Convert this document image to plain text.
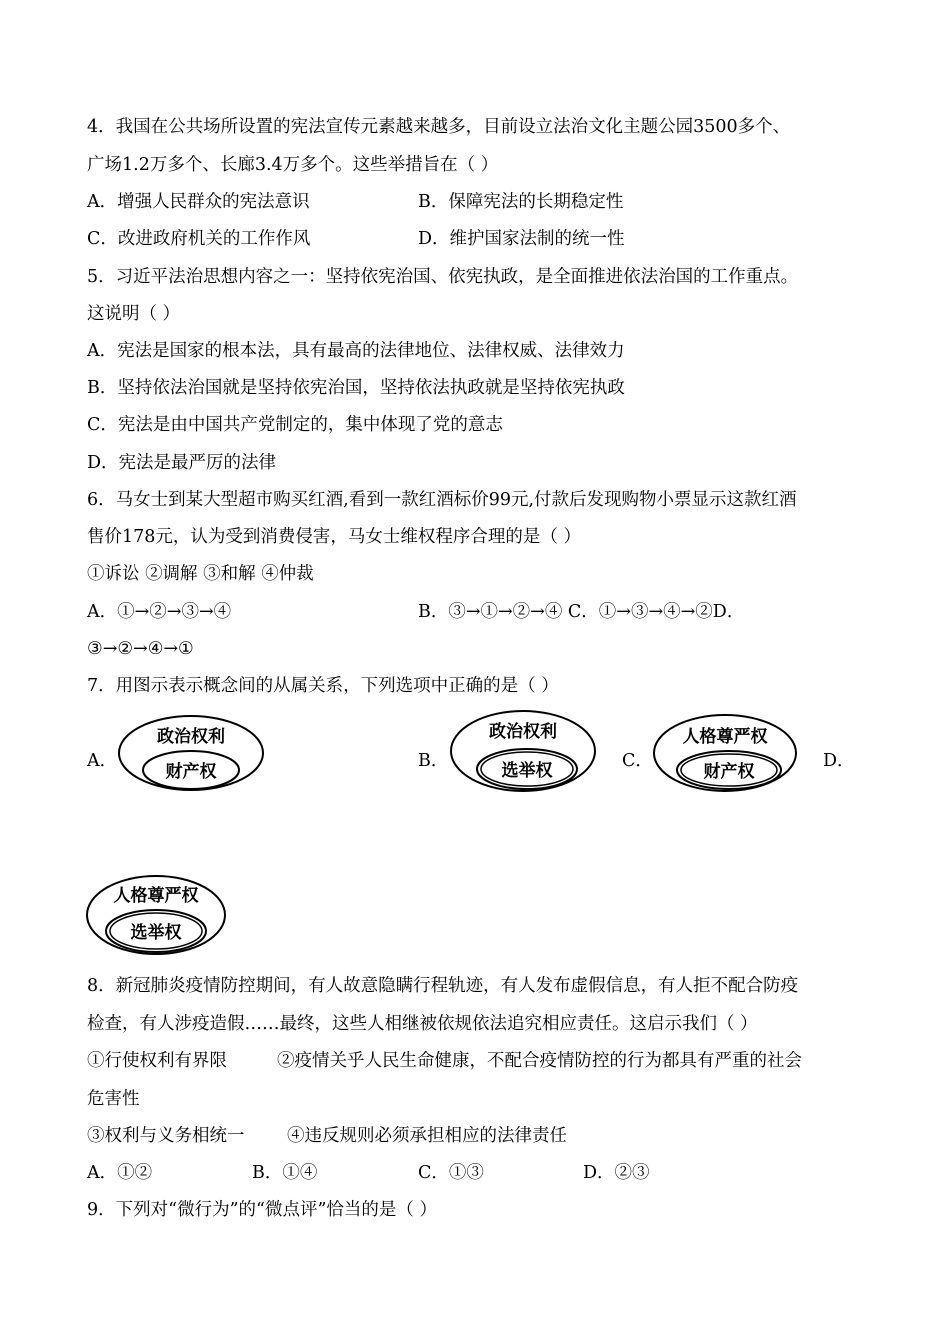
4．我国在公共场所设置的宪法宣传元素越来越多，目前设立法治文化主题公园3500多个、
广场1.2万多个、长廊3.4万多个。这些举措旨在（ ）
A．增强人民群众的宪法意识	B．保障宪法的长期稳定性
C．改进政府机关的工作作风	D．维护国家法制的统一性
5．习近平法治思想内容之一：坚持依宪治国、依宪执政，是全面推进依法治国的工作重点。
这说明（ ）
A．宪法是国家的根本法，具有最高的法律地位、法律权威、法律效力
B．坚持依法治国就是坚持依宪治国，坚持依法执政就是坚持依宪执政
C．宪法是由中国共产党制定的，集中体现了党的意志
D．宪法是最严厉的法律
6．马女士到某大型超市购买红酒,看到一款红酒标价99元,付款后发现购物小票显示这款红酒
售价178元，认为受到消费侵害，马女士维权程序合理的是（ ）
①诉讼 ②调解 ③和解 ④仲裁
A．①→②→③→④	B．③→①→②→④ C．①→③→④→②D．
③→②→④→①
7．用图示表示概念间的从属关系，下列选项中正确的是（ ）
A．
政治权利
财产权
B．
政治权利
选举权	C．
人格尊严权
财产权
D．
人格尊严权
选举权
8．新冠肺炎疫情防控期间，有人故意隐瞒行程轨迹，有人发布虚假信息，有人拒不配合防疫
检查，有人涉疫造假……最终，这些人相继被依规依法追究相应责任。这启示我们（ ）
①行使权利有界限	②疫情关乎人民生命健康，不配合疫情防控的行为都具有严重的社会
危害性
③权利与义务相统一 ④违反规则必须承担相应的法律责任
A．①②	B．①④	C．①③	D．②③
9．下列对“微行为”的“微点评”恰当的是（ ）
